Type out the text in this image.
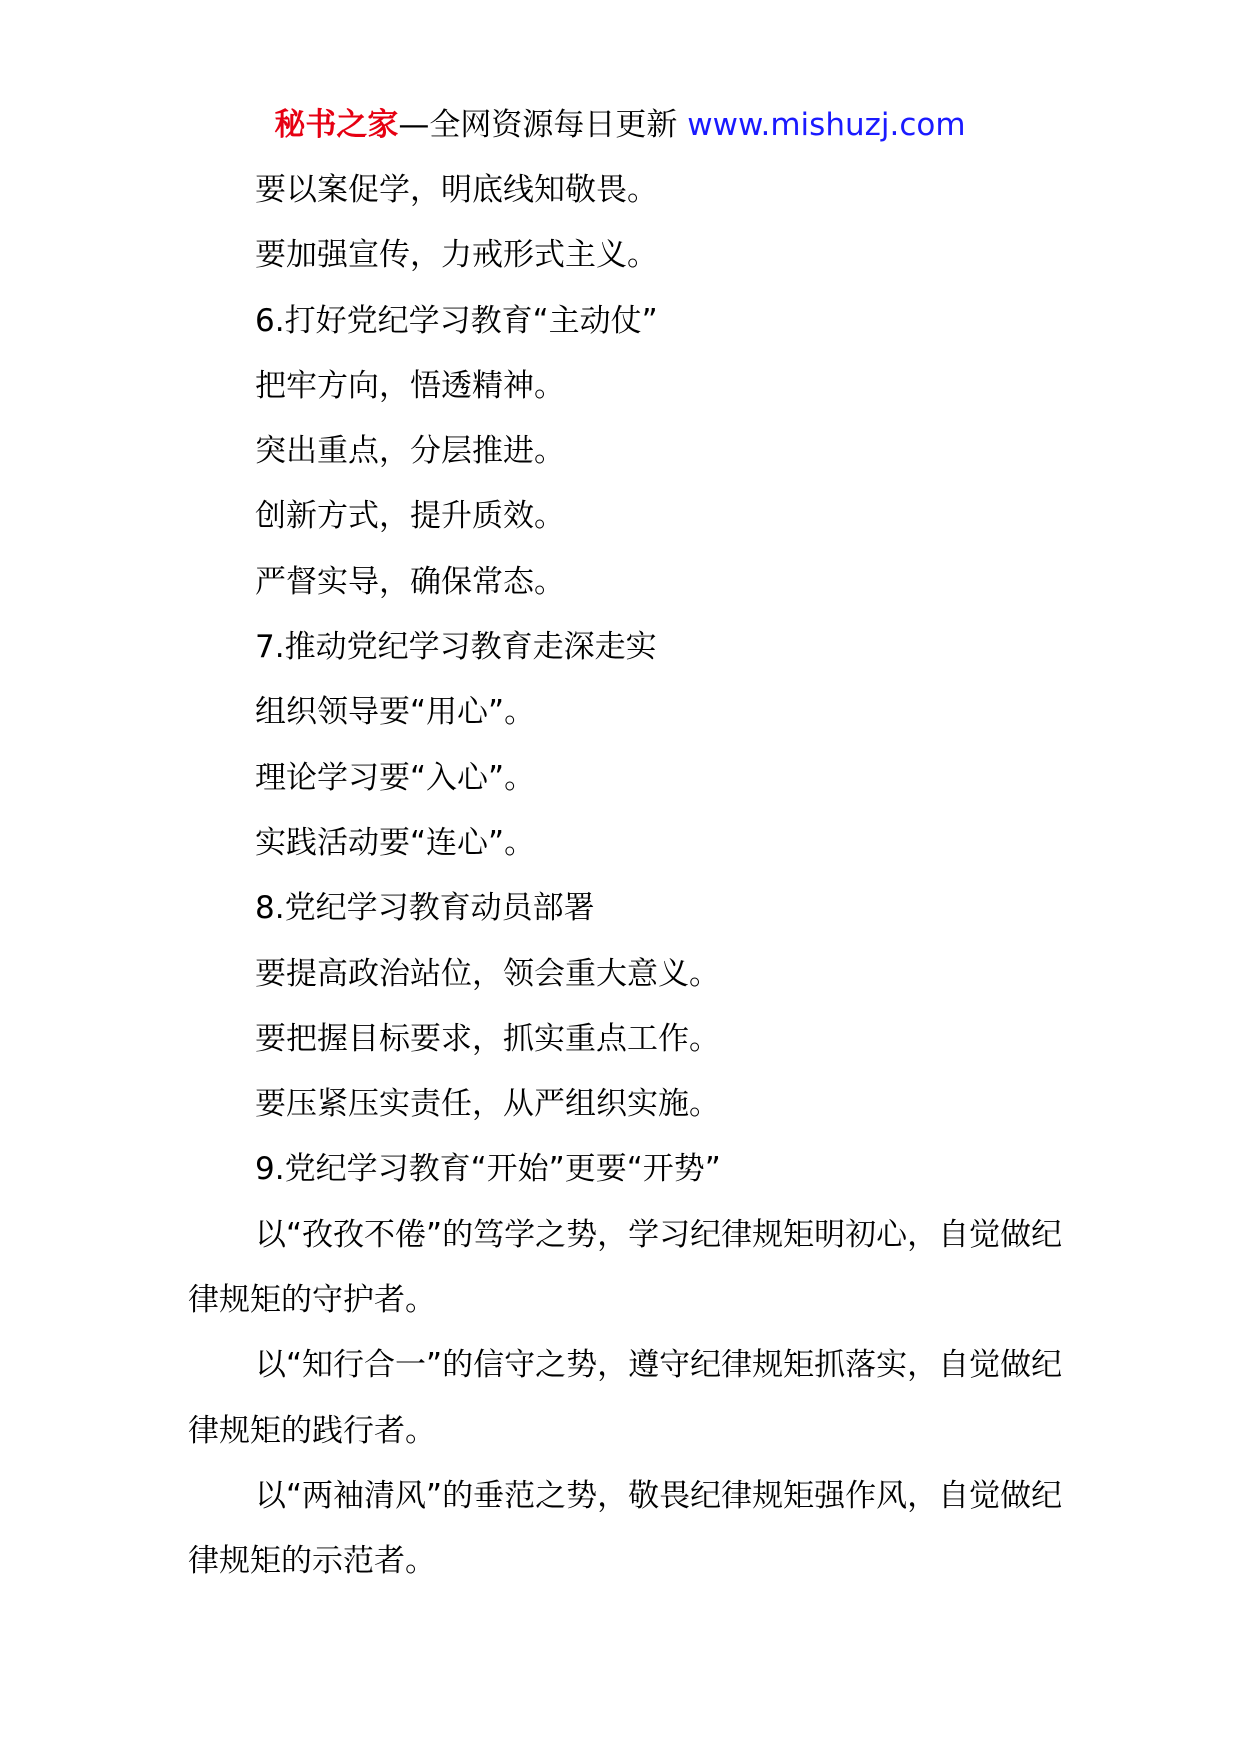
秘书之家—全网资源每日更新 www.mishuzj.com

要以案促学，明底线知敬畏。

要加强宣传，力戒形式主义。

6.打好党纪学习教育“主动仗”

把牢方向，悟透精神。

突出重点，分层推进。

创新方式，提升质效。

严督实导，确保常态。

7.推动党纪学习教育走深走实

组织领导要“用心”。

理论学习要“入心”。

实践活动要“连心”。

8.党纪学习教育动员部署

要提高政治站位，领会重大意义。

要把握目标要求，抓实重点工作。

要压紧压实责任，从严组织实施。

9.党纪学习教育“开始”更要“开势”

以“孜孜不倦”的笃学之势，学习纪律规矩明初心，自觉做纪律规矩的守护者。

以“知行合一”的信守之势，遵守纪律规矩抓落实，自觉做纪律规矩的践行者。

以“两袖清风”的垂范之势，敬畏纪律规矩强作风，自觉做纪律规矩的示范者。
